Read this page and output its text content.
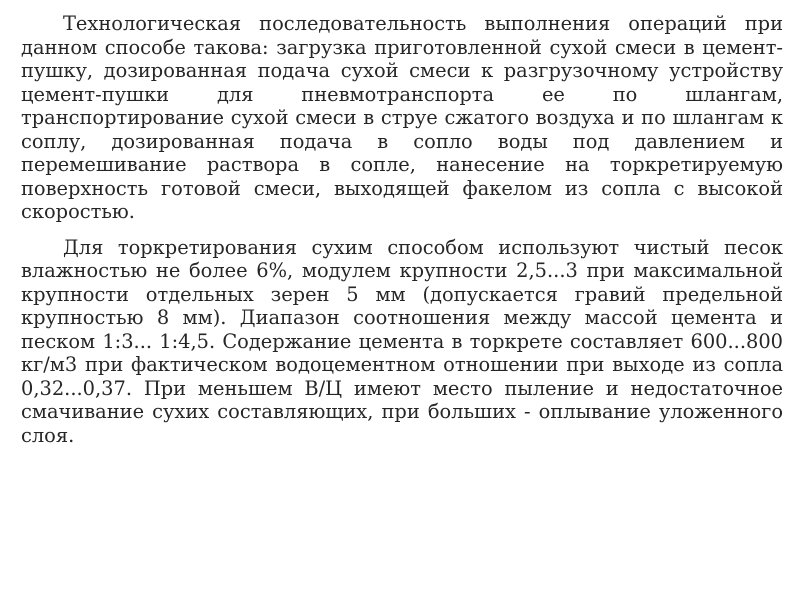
Технологическая последовательность выполнения операций при данном способе такова: загрузка приготовленной сухой смеси в цемент-пушку, дозированная подача сухой смеси к разгрузочному устройству цемент-пушки для пневмотранспорта ее по шлангам, транспортирование сухой смеси в струе сжатого воздуха и по шлангам к соплу, дозированная подача в сопло воды под давлением и перемешивание раствора в сопле, нанесение на торкретируемую поверхность готовой смеси, выходящей факелом из сопла с высокой скоростью.

Для торкретирования сухим способом используют чистый песок влажностью не более 6%, модулем крупности 2,5...3 при максимальной крупности отдельных зерен 5 мм (допускается гравий предельной крупностью 8 мм). Диапазон соотношения между массой цемента и песком 1:3... 1:4,5. Содержание цемента в торкрете составляет 600...800 кг/м3 при фактическом водоцементном отношении при выходе из сопла 0,32...0,37. При меньшем В/Ц имеют место пыление и недостаточное смачивание сухих составляющих, при больших - оплывание уложенного слоя.
